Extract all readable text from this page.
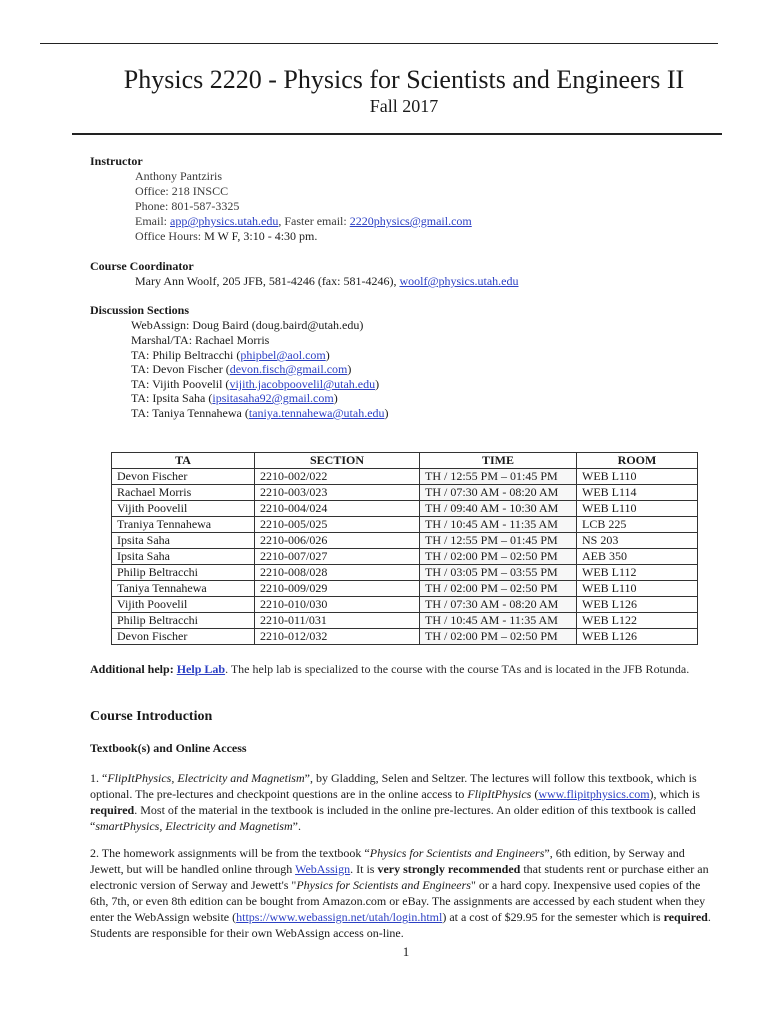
Physics 2220 - Physics for Scientists and Engineers II
Fall 2017
Instructor
Anthony Pantziris
Office: 218 INSCC
Phone: 801-587-3325
Email: app@physics.utah.edu, Faster email: 2220physics@gmail.com
Office Hours: M W F, 3:10 - 4:30 pm.
Course Coordinator
Mary Ann Woolf, 205 JFB, 581-4246 (fax: 581-4246), woolf@physics.utah.edu
Discussion Sections
WebAssign: Doug Baird (doug.baird@utah.edu)
Marshal/TA: Rachael Morris
TA: Philip Beltracchi (phipbel@aol.com)
TA: Devon Fischer (devon.fisch@gmail.com)
TA: Vijith Poovelil (vijith.jacobpoovelil@utah.edu)
TA: Ipsita Saha (ipsitasaha92@gmail.com)
TA: Taniya Tennahewa (taniya.tennahewa@utah.edu)
TA	SECTION	TIME	ROOM
Devon Fischer	2210-002/022	TH / 12:55 PM – 01:45 PM	WEB L110
Rachael Morris	2210-003/023	TH / 07:30 AM - 08:20 AM	WEB L114
Vijith Poovelil	2210-004/024	TH / 09:40 AM - 10:30 AM	WEB L110
Traniya Tennahewa	2210-005/025	TH / 10:45 AM - 11:35 AM	LCB 225
Ipsita Saha	2210-006/026	TH / 12:55 PM – 01:45 PM	NS 203
Ipsita Saha	2210-007/027	TH / 02:00 PM – 02:50 PM	AEB 350
Philip Beltracchi	2210-008/028	TH / 03:05 PM – 03:55 PM	WEB L112
Taniya Tennahewa	2210-009/029	TH / 02:00 PM – 02:50 PM	WEB L110
Vijith Poovelil	2210-010/030	TH / 07:30 AM - 08:20 AM	WEB L126
Philip Beltracchi	2210-011/031	TH / 10:45 AM - 11:35 AM	WEB L122
Devon Fischer	2210-012/032	TH / 02:00 PM – 02:50 PM	WEB L126
Additional help: Help Lab. The help lab is specialized to the course with the course TAs and is located in the JFB Rotunda.
Course Introduction
Textbook(s) and Online Access
1. “FlipItPhysics, Electricity and Magnetism”, by Gladding, Selen and Seltzer. The lectures will follow this textbook, which is optional. The pre-lectures and checkpoint questions are in the online access to FlipItPhysics (www.flipitphysics.com), which is required. Most of the material in the textbook is included in the online pre-lectures. An older edition of this textbook is called “smartPhysics, Electricity and Magnetism”.
2. The homework assignments will be from the textbook “Physics for Scientists and Engineers”, 6th edition, by Serway and Jewett, but will be handled online through WebAssign. It is very strongly recommended that students rent or purchase either an electronic version of Serway and Jewett's "Physics for Scientists and Engineers" or a hard copy. Inexpensive used copies of the 6th, 7th, or even 8th edition can be bought from Amazon.com or eBay. The assignments are accessed by each student when they enter the WebAssign website (https://www.webassign.net/utah/login.html) at a cost of $29.95 for the semester which is required. Students are responsible for their own WebAssign access on-line.
1
